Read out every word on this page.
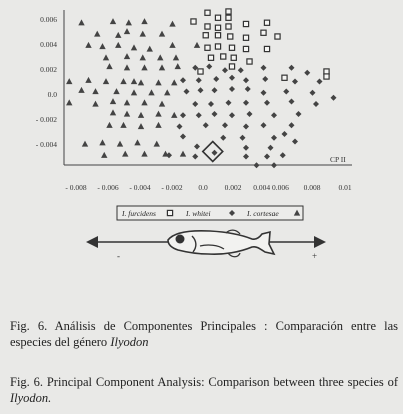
0.006
0.004
0.002
0.0
- 0.002
- 0.004
- 0.008 - 0.006 - 0.004 - 0.002 0.0 0.002 0.004 0.006 0.008 0.01
CP II
I. furcidens	I. whitei	I. cortesae
-	+
Fig. 6. Análisis de Componentes Principales : Comparación entre las especies del género Ilyodon
Fig. 6. Principal Component Analysis: Comparison between three species of Ilyodon.
